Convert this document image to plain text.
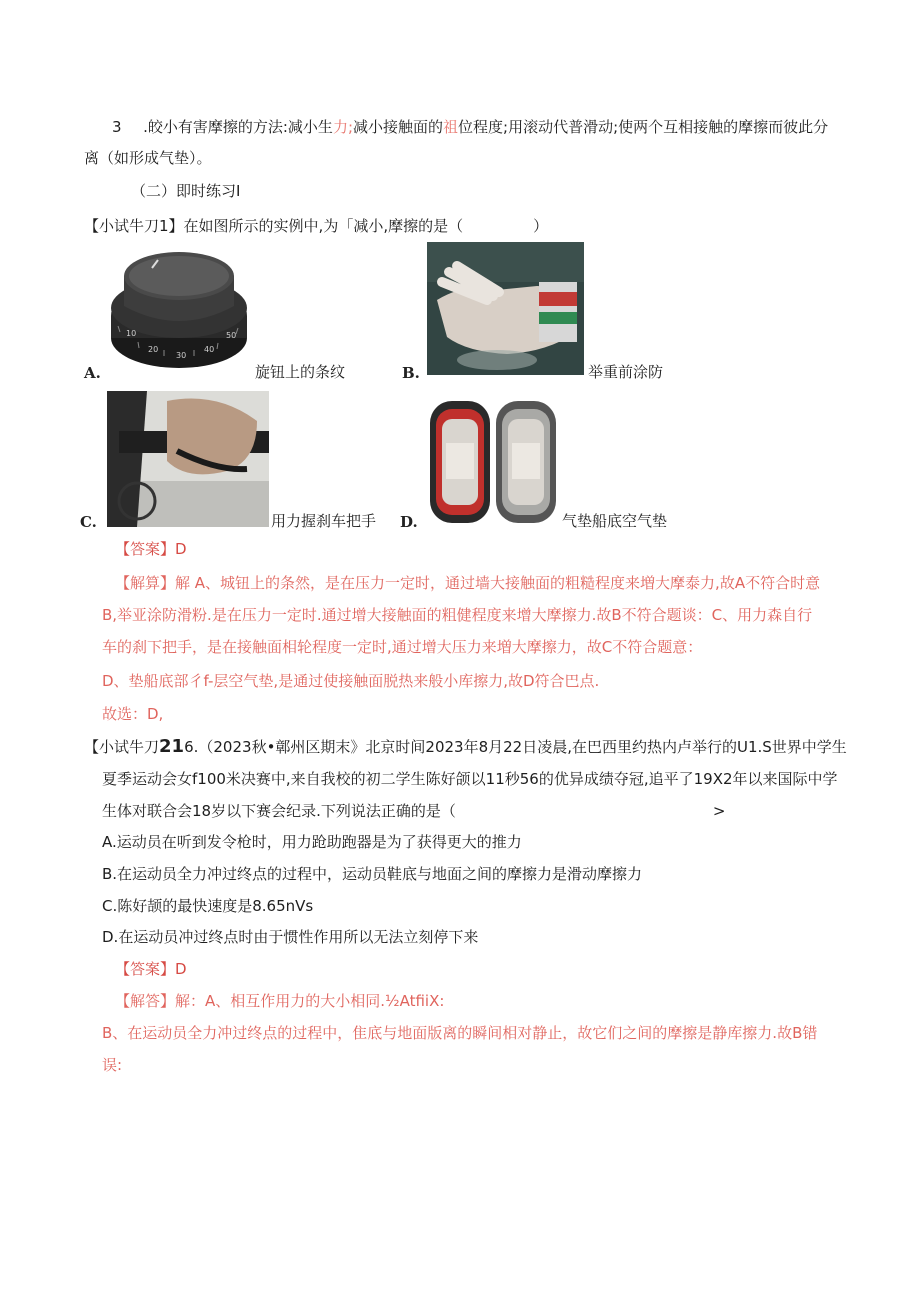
3 .皎小有害摩擦的方法:减小生力;减小接触面的祖位程度;用滚动代普滑动;使两个互相接触的摩擦而彼此分
离（如形成气垫）。
（二）即时练习I
【小试牛刀1】在如图所示的实例中,为「减小,摩擦的是（	）
10
20
30
40
50
A.	旋钮上的条纹	B.	举重前涂防
C.	用力握刹车把手 D.	气垫船底空气垫
【答案】D
【解算】解 A、城钮上的条然，是在压力一定时，通过墙大接触面的粗糙程度来増大摩泰力,故A不符合时意
B,举亚涂防滑粉.是在压力一定时.通过增大接触面的粗健程度来增大摩擦力.故B不符合题谈：C、用力森自行
车的刹下把手，是在接触面相轮程度一定时,通过增大压力来増大摩擦力，故C不符合题意：
D、垫船底部彳f-层空气垫,是通过使接触面脱热来般小库擦力,故D符合巴点.
故选：D,
【小试牛刀216.（2023秋•鄣州区期末》北京时间2023年8月22日凌晨,在巴西里约热内卢举行的U1.S世界中学生
夏季运动会女f100米决赛中,来自我校的初二学生陈好颌以11秒56的优异成绩夺冠,追平了19X2年以来国际中学
生体对联合会18岁以下赛会纪录.下列说法正确的是（	>
A.运动员在听到发令枪时，用力跄助跑器是为了获得更大的推力
B.在运动员全力冲过终点的过程中，运动员鞋底与地面之间的摩擦力是滑动摩擦力
C.陈好颉的最快速度是8.65nVs
D.在运动员冲过终点时由于惯性作用所以无法立刻停下来
【答案】D
【解答】解：A、相互作用力的大小相同.½AtfiiX:
B、在运动员全力冲过终点的过程中，隹底与地面版离的瞬间相对静止，故它们之间的摩擦是静库擦力.故B错
误:
